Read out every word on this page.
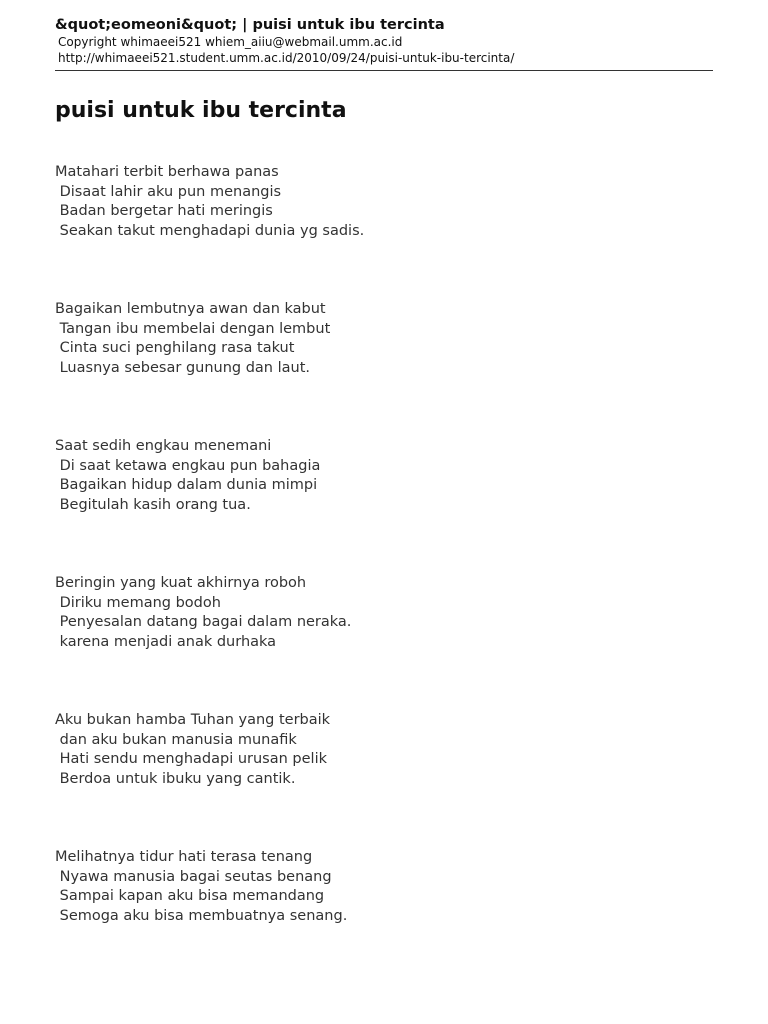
&quot;eomeoni&quot; | puisi untuk ibu tercinta
Copyright whimaeei521 whiem_aiiu@webmail.umm.ac.id
http://whimaeei521.student.umm.ac.id/2010/09/24/puisi-untuk-ibu-tercinta/
puisi untuk ibu tercinta
Matahari terbit berhawa panas
Disaat lahir aku pun menangis
Badan bergetar hati meringis
Seakan takut menghadapi dunia yg sadis.
Bagaikan lembutnya awan dan kabut
Tangan ibu membelai dengan lembut
Cinta suci penghilang rasa takut
Luasnya sebesar gunung dan laut.
Saat sedih engkau menemani
Di saat ketawa engkau pun bahagia
Bagaikan hidup dalam dunia mimpi
Begitulah kasih orang tua.
Beringin yang kuat akhirnya roboh
Diriku memang bodoh
Penyesalan datang bagai dalam neraka.
karena menjadi anak durhaka
Aku bukan hamba Tuhan yang terbaik
dan aku bukan manusia munafik
Hati sendu menghadapi urusan pelik
Berdoa untuk ibuku yang cantik.
Melihatnya tidur hati terasa tenang
Nyawa manusia bagai seutas benang
Sampai kapan aku bisa memandang
Semoga aku bisa membuatnya senang.
